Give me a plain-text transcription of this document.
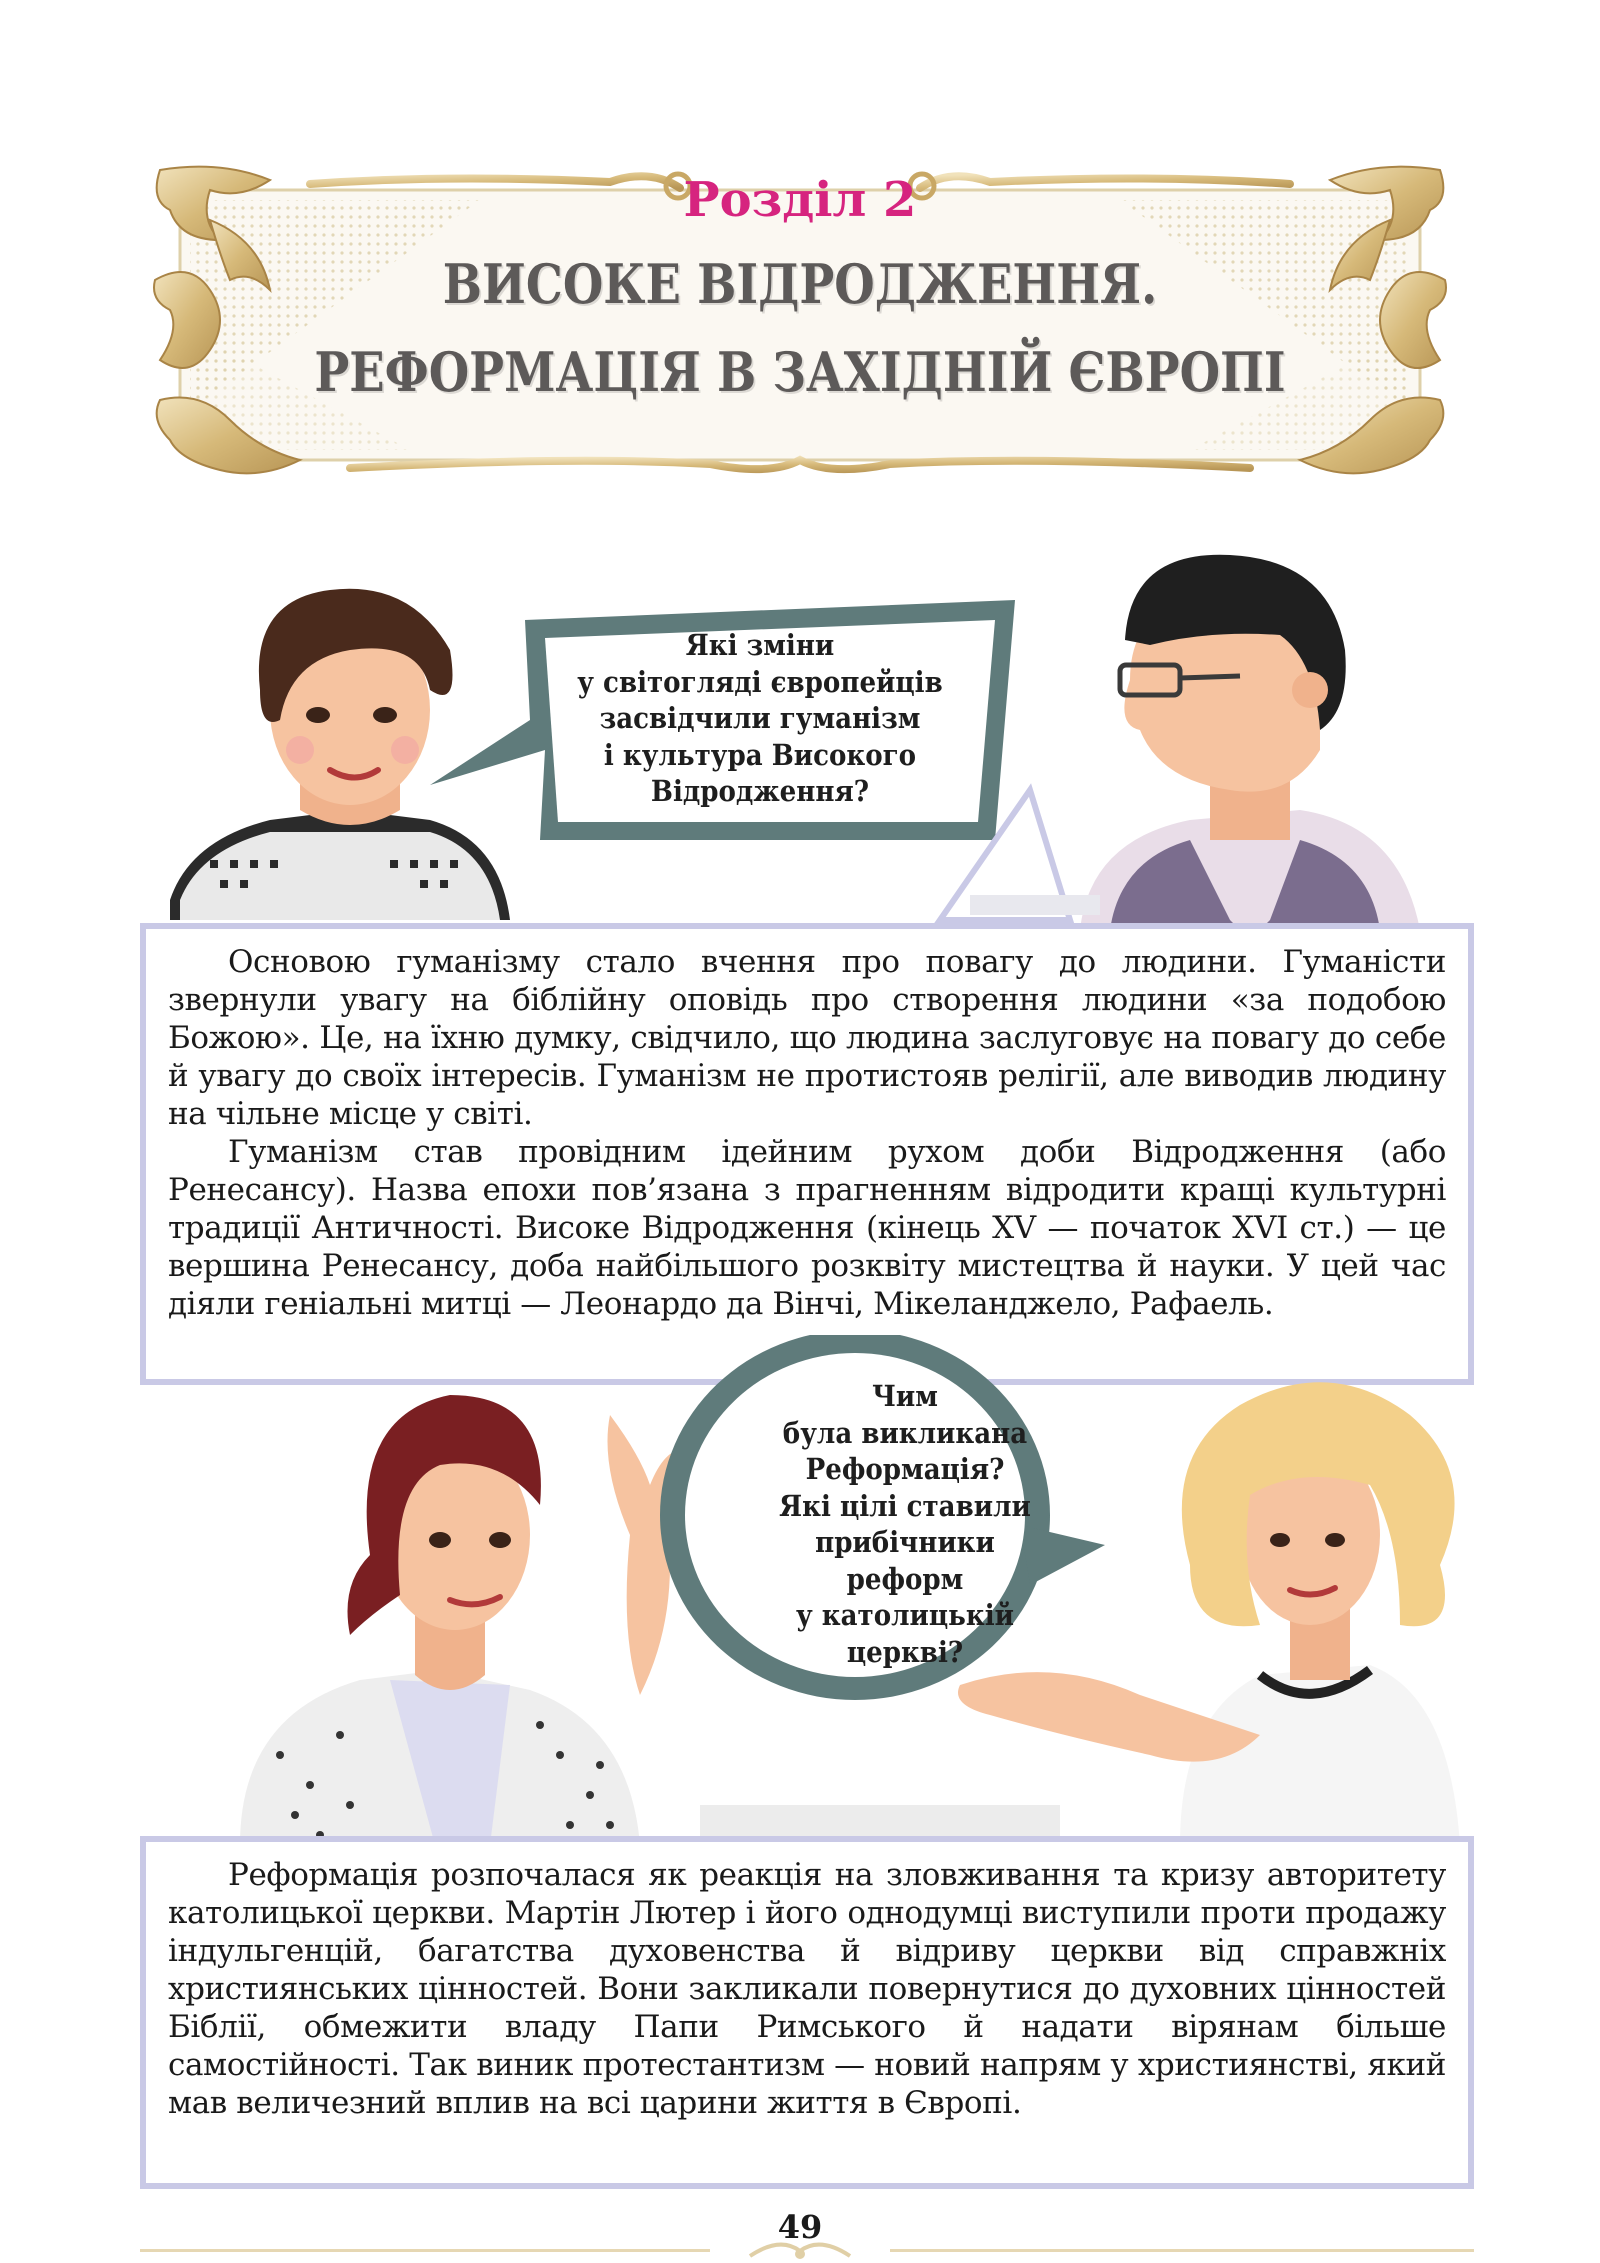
Розділ 2
ВИСОКЕ ВІДРОДЖЕННЯ.
РЕФОРМАЦІЯ В ЗАХІДНІЙ ЄВРОПІ
Які зміни
у світогляді європейців
засвідчили гуманізм
і культура Високого
Відродження?

Основою гуманізму стало вчення про повагу до людини. Гуманісти звернули увагу на біблійну оповідь про створення людини «за подобою Божою». Це, на їхню думку, свідчило, що людина заслуговує на повагу до себе й увагу до своїх інтересів. Гуманізм не протистояв релігії, але виводив людину на чільне місце у світі.

Гуманізм став провідним ідейним рухом доби Відродження (або Ренесансу). Назва епохи пов’язана з прагненням відродити кращі культурні традиції Античності. Високе Відродження (кінець XV — початок XVI ст.) — це вершина Ренесансу, доба найбільшого розквіту мистецтва й науки. У цей час діяли геніальні митці — Леонардо да Вінчі, Мікеланджело, Рафаель.

Чим
була викликана
Реформація?
Які цілі ставили
прибічники реформ
у католицькій
церкві?

Реформація розпочалася як реакція на зловживання та кризу авторитету католицької церкви. Мартін Лютер і його однодумці виступили проти продажу індульгенцій, багатства духовенства й відриву церкви від справжніх християнських цінностей. Вони закликали повернутися до духовних цінностей Біблії, обмежити владу Папи Римського й надати вірянам більше самостійності. Так виник протестантизм — новий напрям у християнстві, який мав величезний вплив на всі царини життя в Європі.

49
